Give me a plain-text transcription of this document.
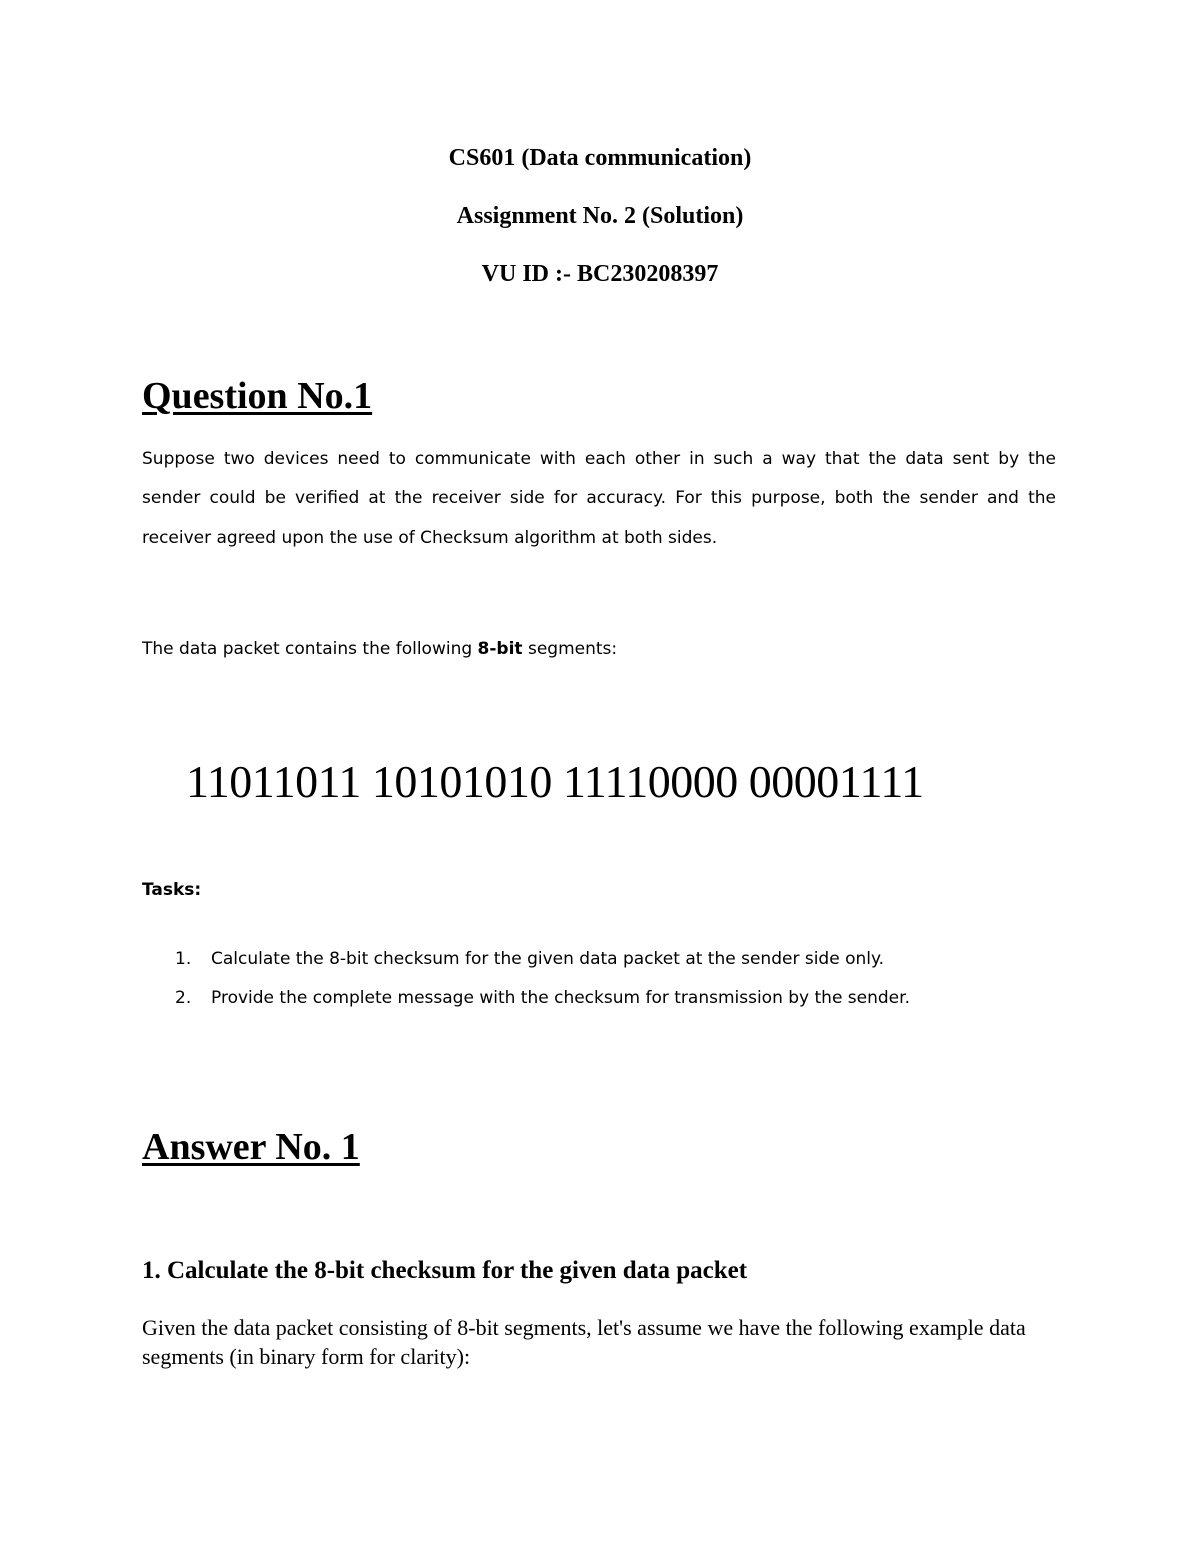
CS601 (Data communication)

Assignment No. 2 (Solution)

VU ID :- BC230208397

Question No.1

Suppose two devices need to communicate with each other in such a way that the data sent by the

sender could be verified at the receiver side for accuracy. For this purpose, both the sender and the

receiver agreed upon the use of Checksum algorithm at both sides.

The data packet contains the following 8-bit segments:

11011011 10101010 11110000 00001111

Tasks:

1. Calculate the 8-bit checksum for the given data packet at the sender side only.
2. Provide the complete message with the checksum for transmission by the sender.
Answer No. 1
1. Calculate the 8-bit checksum for the given data packet

Given the data packet consisting of 8-bit segments, let's assume we have the following example data segments (in binary form for clarity):
